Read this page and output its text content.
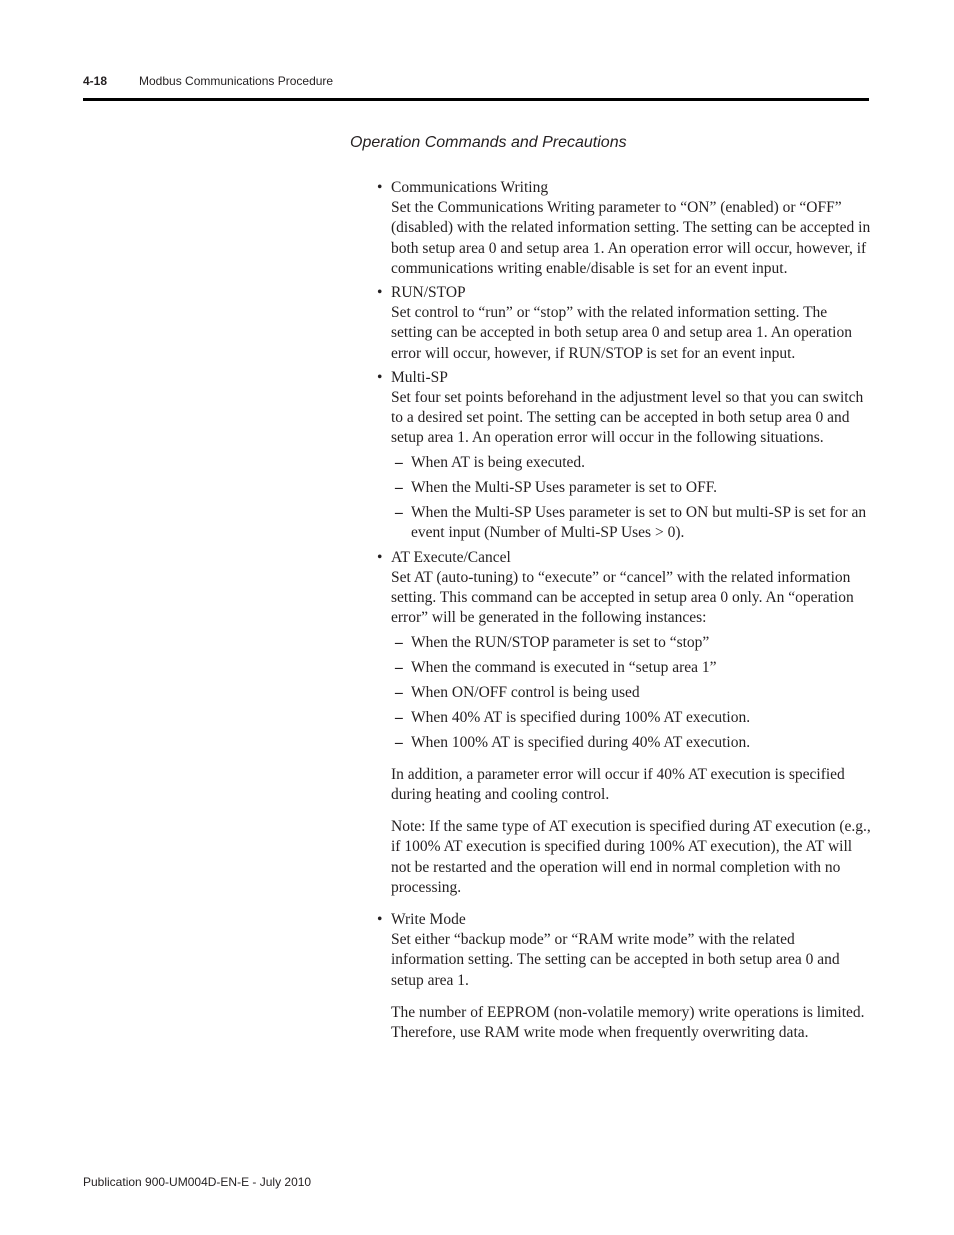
4-18	Modbus Communications Procedure
Operation Commands and Precautions
• Communications Writing
Set the Communications Writing parameter to “ON” (enabled) or “OFF” (disabled) with the related information setting. The setting can be accepted in both setup area 0 and setup area 1. An operation error will occur, however, if communications writing enable/disable is set for an event input.
• RUN/STOP
Set control to “run” or “stop” with the related information setting. The setting can be accepted in both setup area 0 and setup area 1. An operation error will occur, however, if RUN/STOP is set for an event input.
• Multi-SP
Set four set points beforehand in the adjustment level so that you can switch to a desired set point. The setting can be accepted in both setup area 0 and setup area 1. An operation error will occur in the following situations.
– When AT is being executed.
– When the Multi-SP Uses parameter is set to OFF.
– When the Multi-SP Uses parameter is set to ON but multi-SP is set for an event input (Number of Multi-SP Uses > 0).
• AT Execute/Cancel
Set AT (auto-tuning) to “execute” or “cancel” with the related information setting. This command can be accepted in setup area 0 only. An “operation error” will be generated in the following instances:
– When the RUN/STOP parameter is set to “stop”
– When the command is executed in “setup area 1”
– When ON/OFF control is being used
– When 40% AT is specified during 100% AT execution.
– When 100% AT is specified during 40% AT execution.

In addition, a parameter error will occur if 40% AT execution is specified during heating and cooling control.

Note: If the same type of AT execution is specified during AT execution (e.g., if 100% AT execution is specified during 100% AT execution), the AT will not be restarted and the operation will end in normal completion with no processing.

• Write Mode
Set either “backup mode” or “RAM write mode” with the related information setting. The setting can be accepted in both setup area 0 and setup area 1.

The number of EEPROM (non-volatile memory) write operations is limited. Therefore, use RAM write mode when frequently overwriting data.

Publication 900-UM004D-EN-E - July 2010
